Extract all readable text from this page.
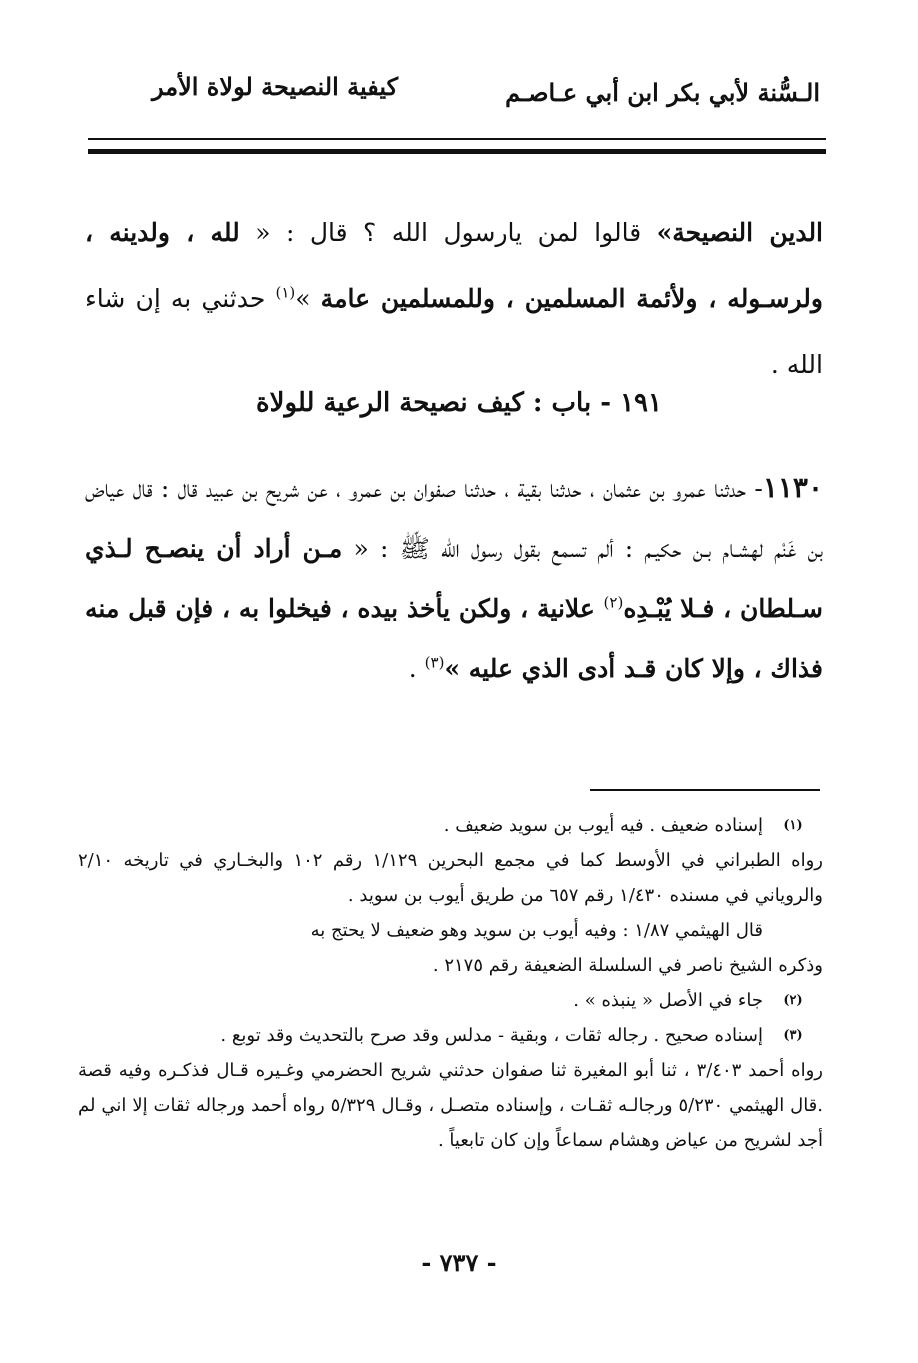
الـسُّنة لأبي بكر ابن أبي عـاصـم
كيفية النصيحة لولاة الأمر
الدين النصيحة» قالوا لمن يارسول الله ؟ قال : « لله ، ولدينه ، ولرسـوله ، ولأئمة المسلمين ، وللمسلمين عامة »$^{(١)}$ حدثني به إن شاء الله .
١٩١ - باب : كيف نصيحة الرعية للولاة
١١٣٠- حدثنا عمرو بن عثمان ، حدثنا بقية ، حدثنا صفوان بن عمرو ، عن شريح بن عبيد قال : قال عياض بن غَنْم لهشـام بـن حكيـم : ألم تسمع بقول رسول الله ﷺ : « مـن أراد أن ينصـح لـذي سـلطان ، فـلا يُبْـدِه$^{(٢)}$ علانية ، ولكن يأخذ بيده ، فيخلوا به ، فإن قبل منه فذاك ، وإلا كان قـد أدى الذي عليه »$^{(٣)}$ .
(١)

إسناده ضعيف . فيه أيوب بن سويد ضعيف .

رواه الطبراني في الأوسط كما في مجمع البحرين ١/١٢٩ رقم ١٠٢ والبخـاري في تاريخه ٢/١٠ والروياني في مسنده ١/٤٣٠ رقم ٦٥٧ من طريق أيوب بن سويد .

قال الهيثمي ١/٨٧ : وفيه أيوب بن سويد وهو ضعيف لا يحتج به

وذكره الشيخ ناصر في السلسلة الضعيفة رقم ٢١٧٥ .

(٢)

جاء في الأصل « ينبذه » .

(٣)

إسناده صحيح . رجاله ثقات ، وبقية - مدلس وقد صرح بالتحديث وقد توبع .

رواه أحمد ٣/٤٠٣ ، ثنا أبو المغيرة ثنا صفوان حدثني شريح الحضرمي وغـيره قـال فذكـره وفيه قصة .قال الهيثمي ٥/٢٣٠ ورجالـه ثقـات ، وإسناده متصـل ، وقـال ٥/٣٢٩ رواه أحمد ورجاله ثقات إلا اني لم أجد لشريح من عياض وهشام سماعاً وإن كان تابعياً .

- ٧٣٧ -
